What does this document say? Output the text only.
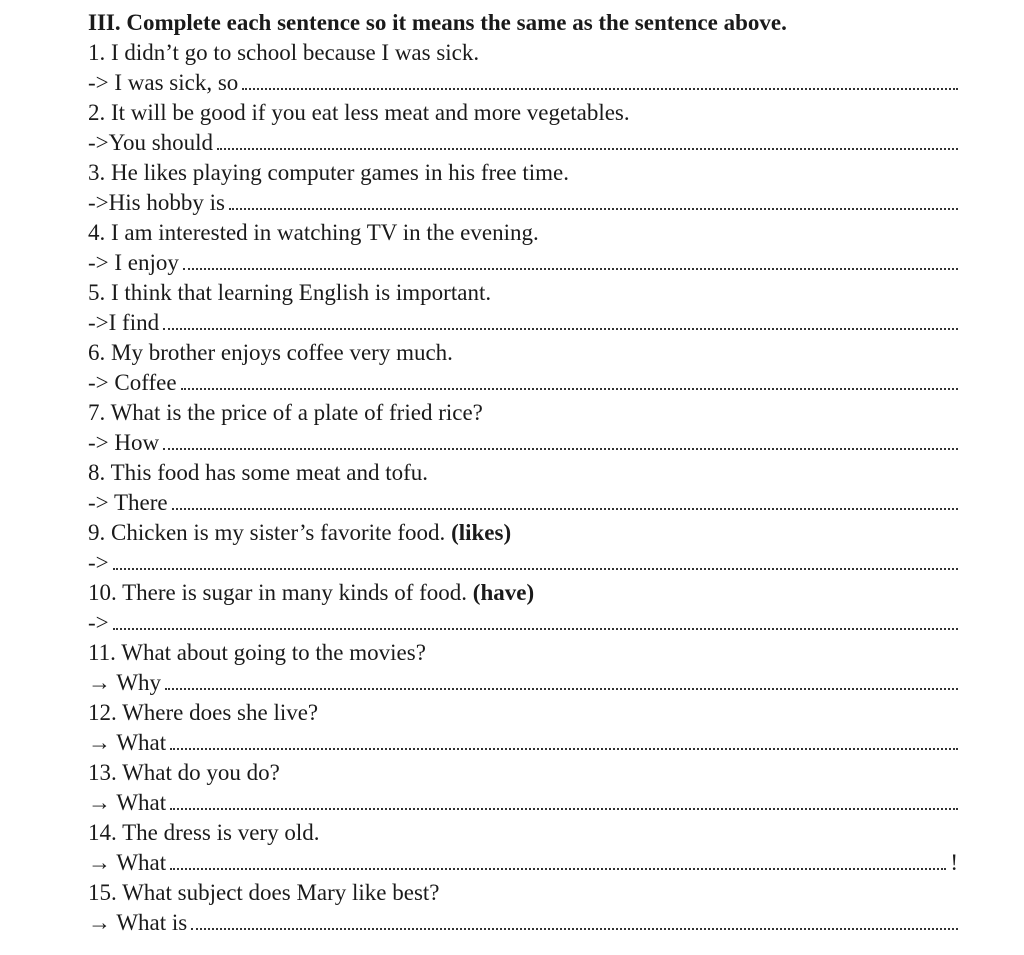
III. Complete each sentence so it means the same as the sentence above.
1. I didn’t go to school because I was sick.
-> I was sick, so
2. It will be good if you eat less meat and more vegetables.
->You should
3. He likes playing computer games in his free time.
->His hobby is
4. I am interested in watching TV in the evening.
-> I enjoy
5. I think that learning English is important.
->I find
6. My brother enjoys coffee very much.
-> Coffee
7. What is the price of a plate of fried rice?
-> How
8. This food has some meat and tofu.
-> There
9. Chicken is my sister’s favorite food. (likes)
->
10. There is sugar in many kinds of food. (have)
->
11. What about going to the movies?
→ Why
12. Where does she live?
→ What
13. What do you do?
→ What
14. The dress is very old.
→ What	!
15. What subject does Mary like best?
→ What is
